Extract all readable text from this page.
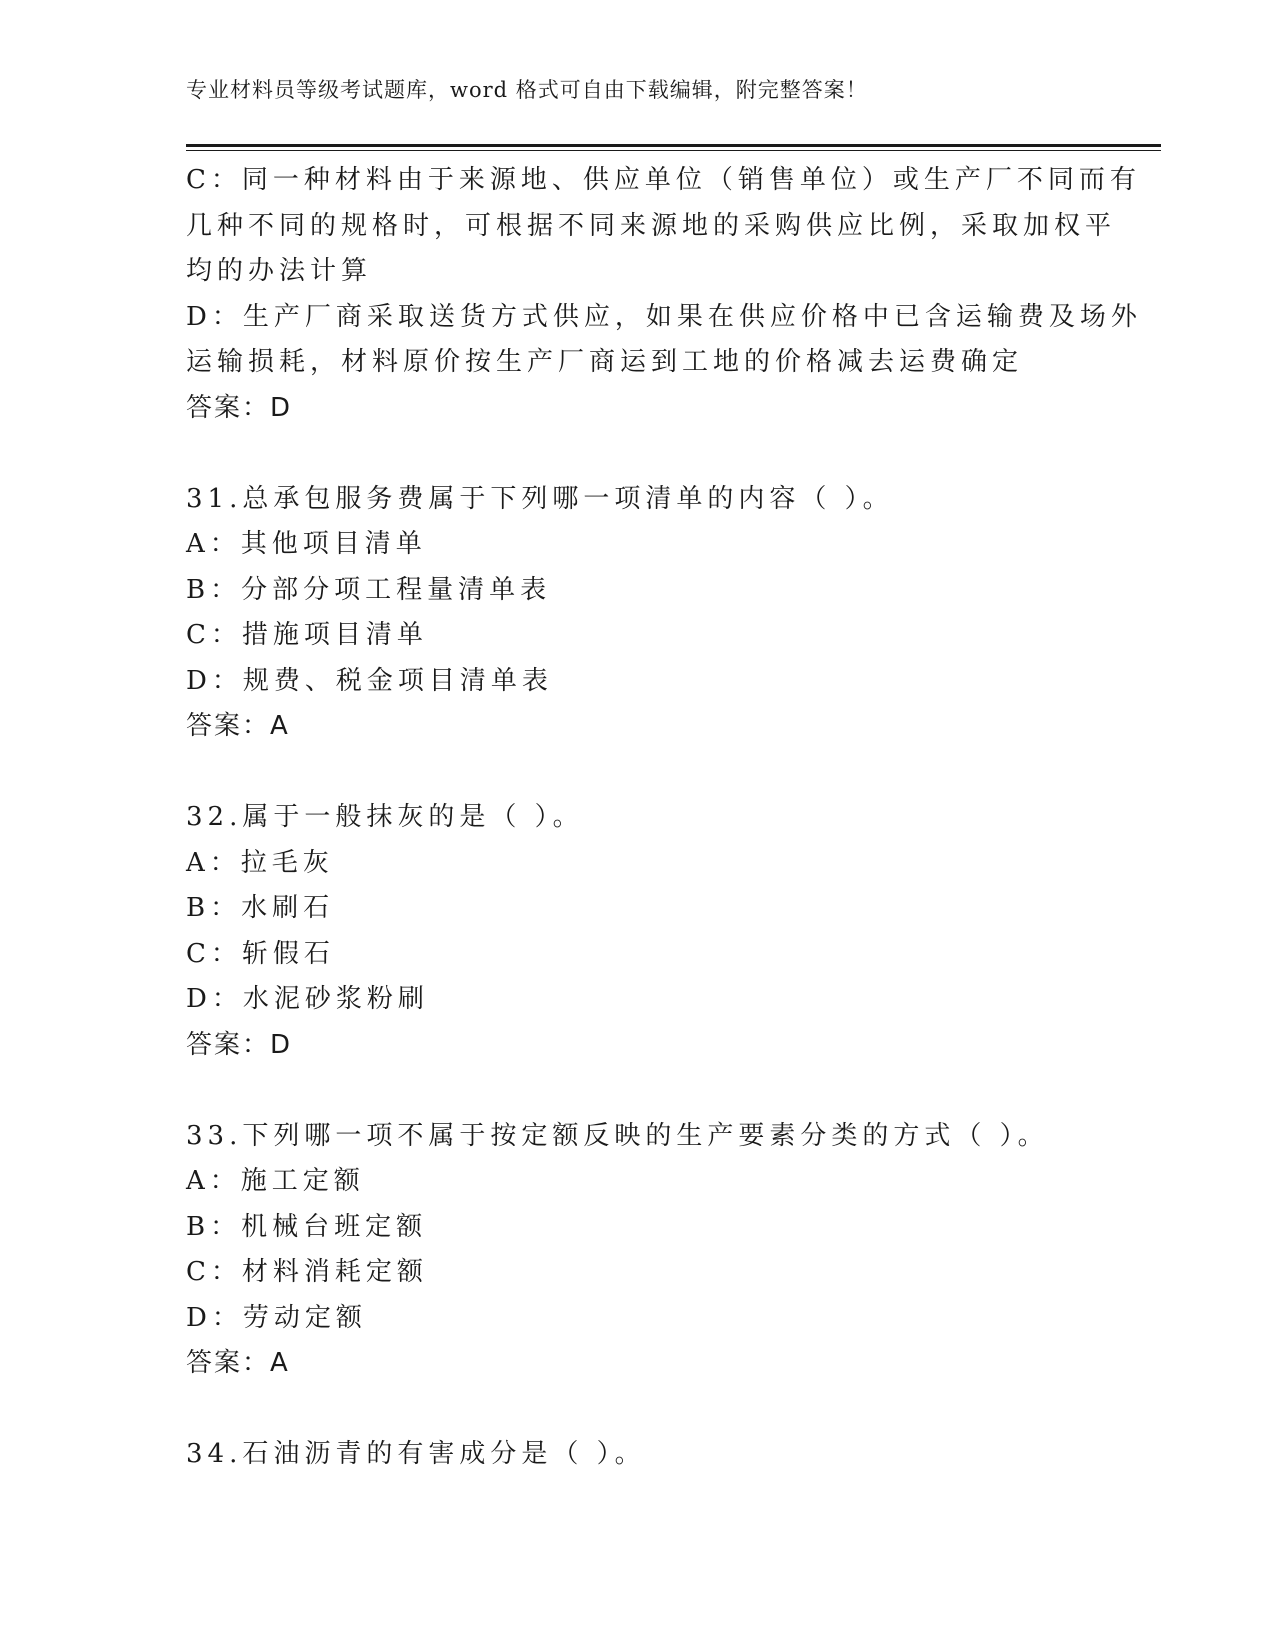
专业材料员等级考试题库，word 格式可自由下载编辑，附完整答案！
C：同一种材料由于来源地、供应单位（销售单位）或生产厂不同而有
几种不同的规格时，可根据不同来源地的采购供应比例，采取加权平
均的办法计算
D：生产厂商采取送货方式供应，如果在供应价格中已含运输费及场外
运输损耗，材料原价按生产厂商运到工地的价格减去运费确定
答案：D
31.总承包服务费属于下列哪一项清单的内容（ ）。
A：其他项目清单
B：分部分项工程量清单表
C：措施项目清单
D：规费、税金项目清单表
答案：A
32.属于一般抹灰的是（ ）。
A：拉毛灰
B：水刷石
C：斩假石
D：水泥砂浆粉刷
答案：D
33.下列哪一项不属于按定额反映的生产要素分类的方式（ ）。
A：施工定额
B：机械台班定额
C：材料消耗定额
D：劳动定额
答案：A
34.石油沥青的有害成分是（ ）。
